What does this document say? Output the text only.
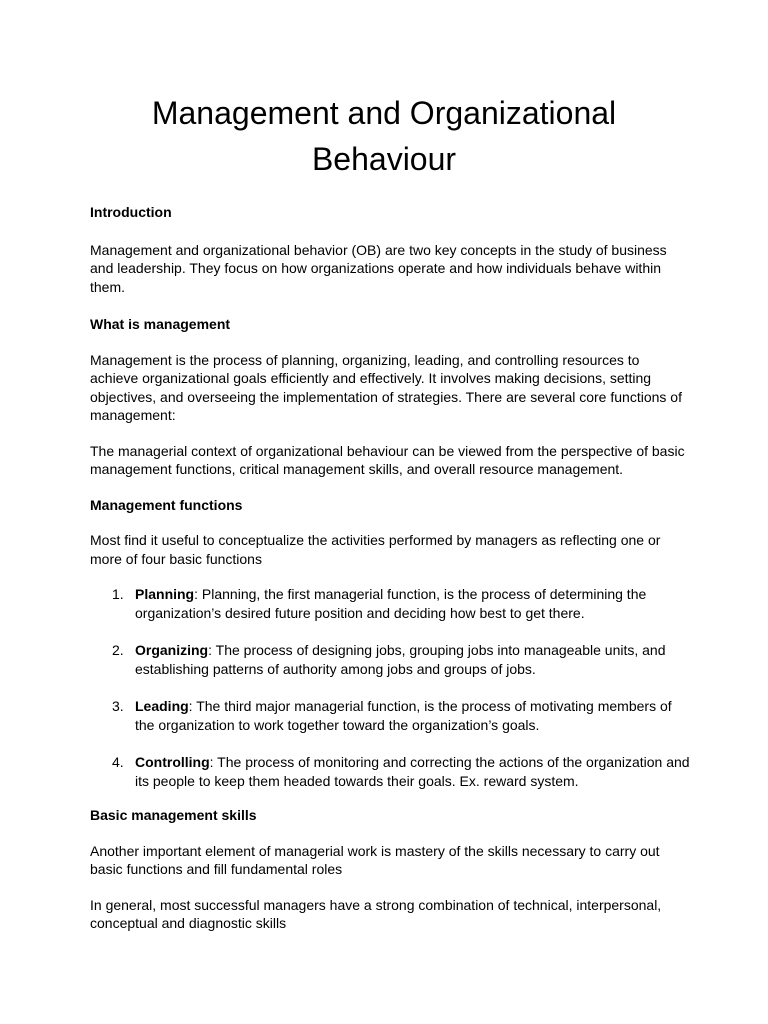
Management and Organizational
Behaviour
Introduction

Management and organizational behavior (OB) are two key concepts in the study of business and leadership. They focus on how organizations operate and how individuals behave within them.

What is management

Management is the process of planning, organizing, leading, and controlling resources to achieve organizational goals efficiently and effectively. It involves making decisions, setting objectives, and overseeing the implementation of strategies. There are several core functions of management:

The managerial context of organizational behaviour can be viewed from the perspective of basic management functions, critical management skills, and overall resource management.

Management functions

Most find it useful to conceptualize the activities performed by managers as reflecting one or more of four basic functions

1. Planning: Planning, the first managerial function, is the process of determining the organization’s desired future position and deciding how best to get there.
2. Organizing: The process of designing jobs, grouping jobs into manageable units, and establishing patterns of authority among jobs and groups of jobs.
3. Leading: The third major managerial function, is the process of motivating members of the organization to work together toward the organization’s goals.
4. Controlling: The process of monitoring and correcting the actions of the organization and its people to keep them headed towards their goals. Ex. reward system.
Basic management skills

Another important element of managerial work is mastery of the skills necessary to carry out basic functions and fill fundamental roles

In general, most successful managers have a strong combination of technical, interpersonal, conceptual and diagnostic skills
